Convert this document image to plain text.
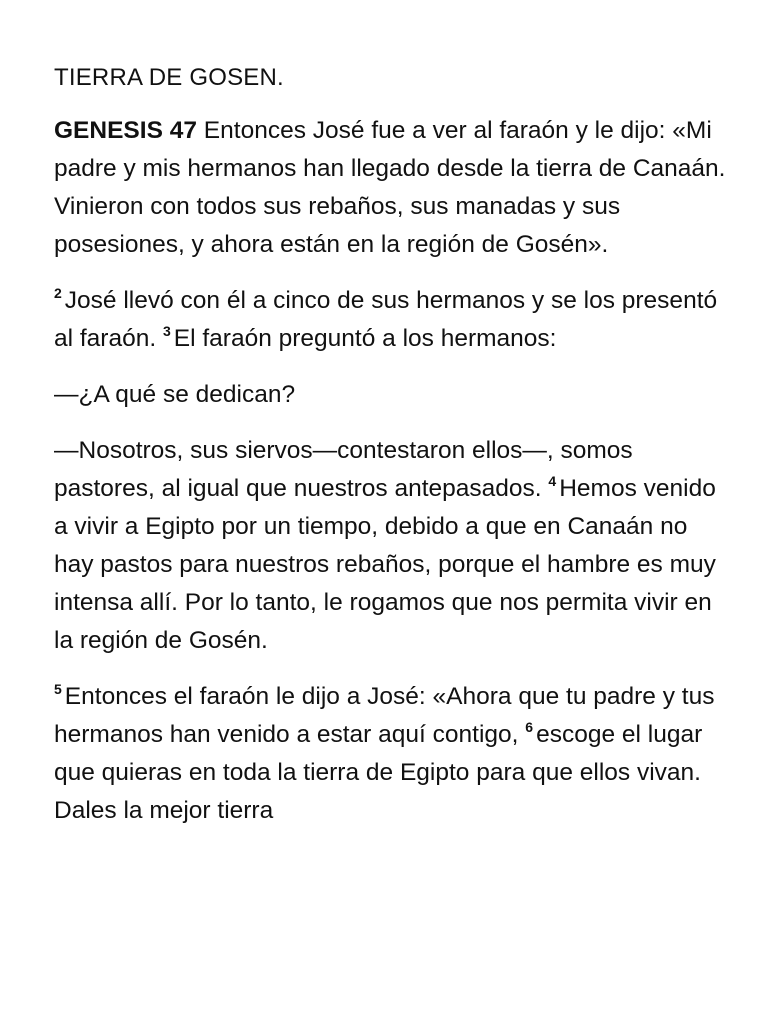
TIERRA DE GOSEN.

GENESIS 47 Entonces José fue a ver al faraón y le dijo: «Mi padre y mis hermanos han llegado desde la tierra de Canaán. Vinieron con todos sus rebaños, sus manadas y sus posesiones, y ahora están en la región de Gosén».

$^2$ José llevó con él a cinco de sus hermanos y se los presentó al faraón. $^3$ El faraón preguntó a los hermanos:

—¿A qué se dedican?

—Nosotros, sus siervos—contestaron ellos—, somos pastores, al igual que nuestros antepasados. $^4$ Hemos venido a vivir a Egipto por un tiempo, debido a que en Canaán no hay pastos para nuestros rebaños, porque el hambre es muy intensa allí. Por lo tanto, le rogamos que nos permita vivir en la región de Gosén.

$^5$ Entonces el faraón le dijo a José: «Ahora que tu padre y tus hermanos han venido a estar aquí contigo, $^6$ escoge el lugar que quieras en toda la tierra de Egipto para que ellos vivan. Dales la mejor tierra
